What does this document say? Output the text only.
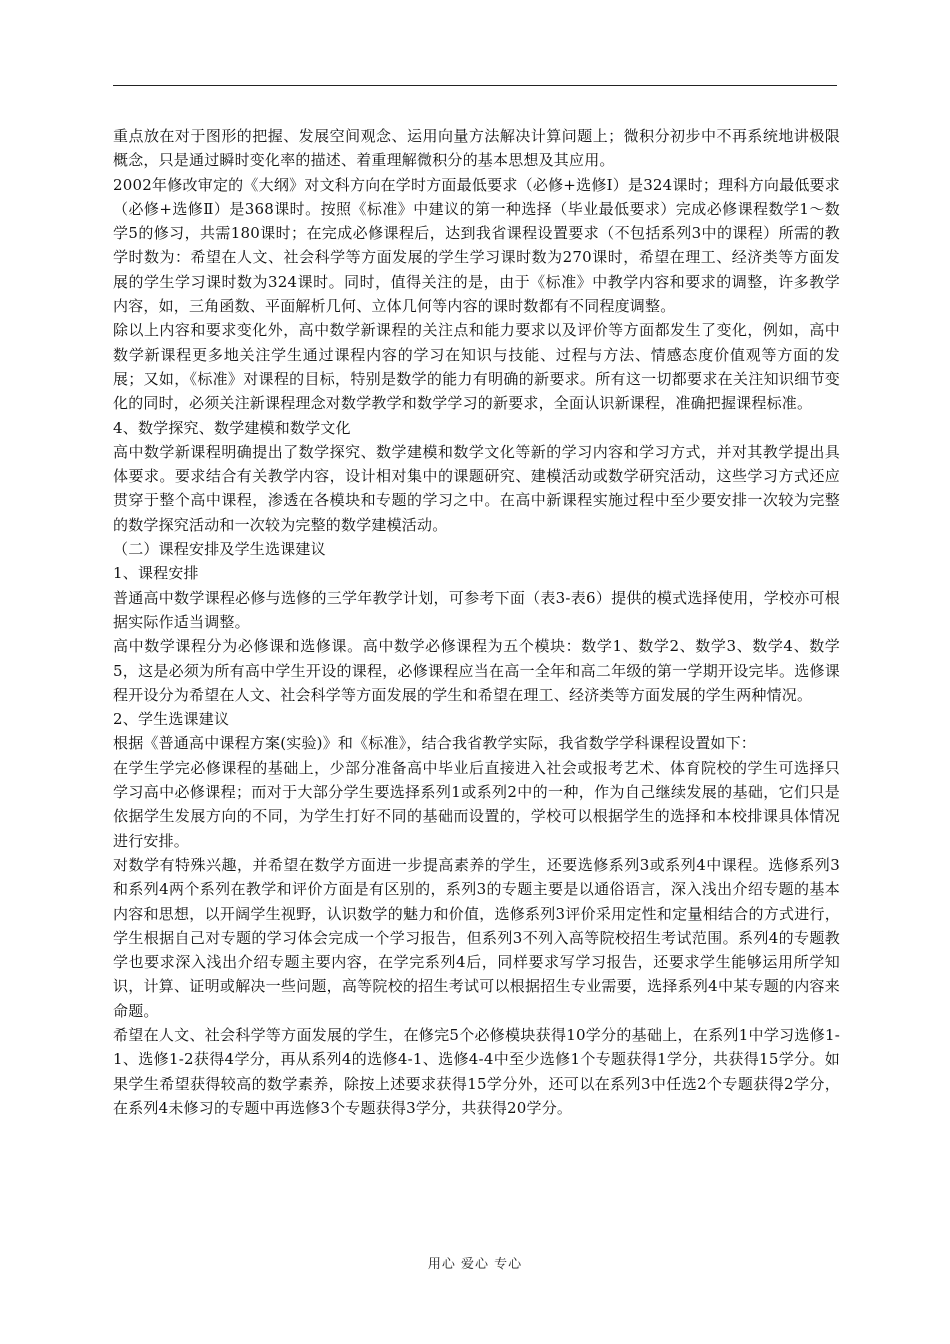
重点放在对于图形的把握、发展空间观念、运用向量方法解决计算问题上；微积分初步中不再系统地讲极限概念，只是通过瞬时变化率的描述、着重理解微积分的基本思想及其应用。

2002年修改审定的《大纲》对文科方向在学时方面最低要求（必修+选修Ⅰ）是324课时；理科方向最低要求（必修+选修Ⅱ）是368课时。按照《标准》中建议的第一种选择（毕业最低要求）完成必修课程数学1～数学5的修习，共需180课时；在完成必修课程后，达到我省课程设置要求（不包括系列3中的课程）所需的教学时数为：希望在人文、社会科学等方面发展的学生学习课时数为270课时，希望在理工、经济类等方面发展的学生学习课时数为324课时。同时，值得关注的是，由于《标准》中教学内容和要求的调整，许多教学内容，如，三角函数、平面解析几何、立体几何等内容的课时数都有不同程度调整。

除以上内容和要求变化外，高中数学新课程的关注点和能力要求以及评价等方面都发生了变化，例如，高中数学新课程更多地关注学生通过课程内容的学习在知识与技能、过程与方法、情感态度价值观等方面的发展；又如，《标准》对课程的目标，特别是数学的能力有明确的新要求。所有这一切都要求在关注知识细节变化的同时，必须关注新课程理念对数学教学和数学学习的新要求，全面认识新课程，准确把握课程标准。

4、数学探究、数学建模和数学文化

高中数学新课程明确提出了数学探究、数学建模和数学文化等新的学习内容和学习方式，并对其教学提出具体要求。要求结合有关教学内容，设计相对集中的课题研究、建模活动或数学研究活动，这些学习方式还应贯穿于整个高中课程，渗透在各模块和专题的学习之中。在高中新课程实施过程中至少要安排一次较为完整的数学探究活动和一次较为完整的数学建模活动。

（二）课程安排及学生选课建议

1、课程安排

普通高中数学课程必修与选修的三学年教学计划，可参考下面（表3-表6）提供的模式选择使用，学校亦可根据实际作适当调整。

高中数学课程分为必修课和选修课。高中数学必修课程为五个模块：数学1、数学2、数学3、数学4、数学5，这是必须为所有高中学生开设的课程，必修课程应当在高一全年和高二年级的第一学期开设完毕。选修课程开设分为希望在人文、社会科学等方面发展的学生和希望在理工、经济类等方面发展的学生两种情况。

2、学生选课建议

根据《普通高中课程方案(实验)》和《标准》，结合我省教学实际，我省数学学科课程设置如下：

在学生学完必修课程的基础上，少部分准备高中毕业后直接进入社会或报考艺术、体育院校的学生可选择只学习高中必修课程；而对于大部分学生要选择系列1或系列2中的一种，作为自己继续发展的基础，它们只是依据学生发展方向的不同，为学生打好不同的基础而设置的，学校可以根据学生的选择和本校排课具体情况进行安排。

对数学有特殊兴趣，并希望在数学方面进一步提高素养的学生，还要选修系列3或系列4中课程。选修系列3和系列4两个系列在教学和评价方面是有区别的，系列3的专题主要是以通俗语言，深入浅出介绍专题的基本内容和思想，以开阔学生视野，认识数学的魅力和价值，选修系列3评价采用定性和定量相结合的方式进行，学生根据自己对专题的学习体会完成一个学习报告，但系列3不列入高等院校招生考试范围。系列4的专题教学也要求深入浅出介绍专题主要内容，在学完系列4后，同样要求写学习报告，还要求学生能够运用所学知识，计算、证明或解决一些问题，高等院校的招生考试可以根据招生专业需要，选择系列4中某专题的内容来命题。

希望在人文、社会科学等方面发展的学生，在修完5个必修模块获得10学分的基础上，在系列1中学习选修1-1、选修1-2获得4学分，再从系列4的选修4-1、选修4-4中至少选修1个专题获得1学分，共获得15学分。如果学生希望获得较高的数学素养，除按上述要求获得15学分外，还可以在系列3中任选2个专题获得2学分，在系列4未修习的专题中再选修3个专题获得3学分，共获得20学分。

用心 爱心 专心
